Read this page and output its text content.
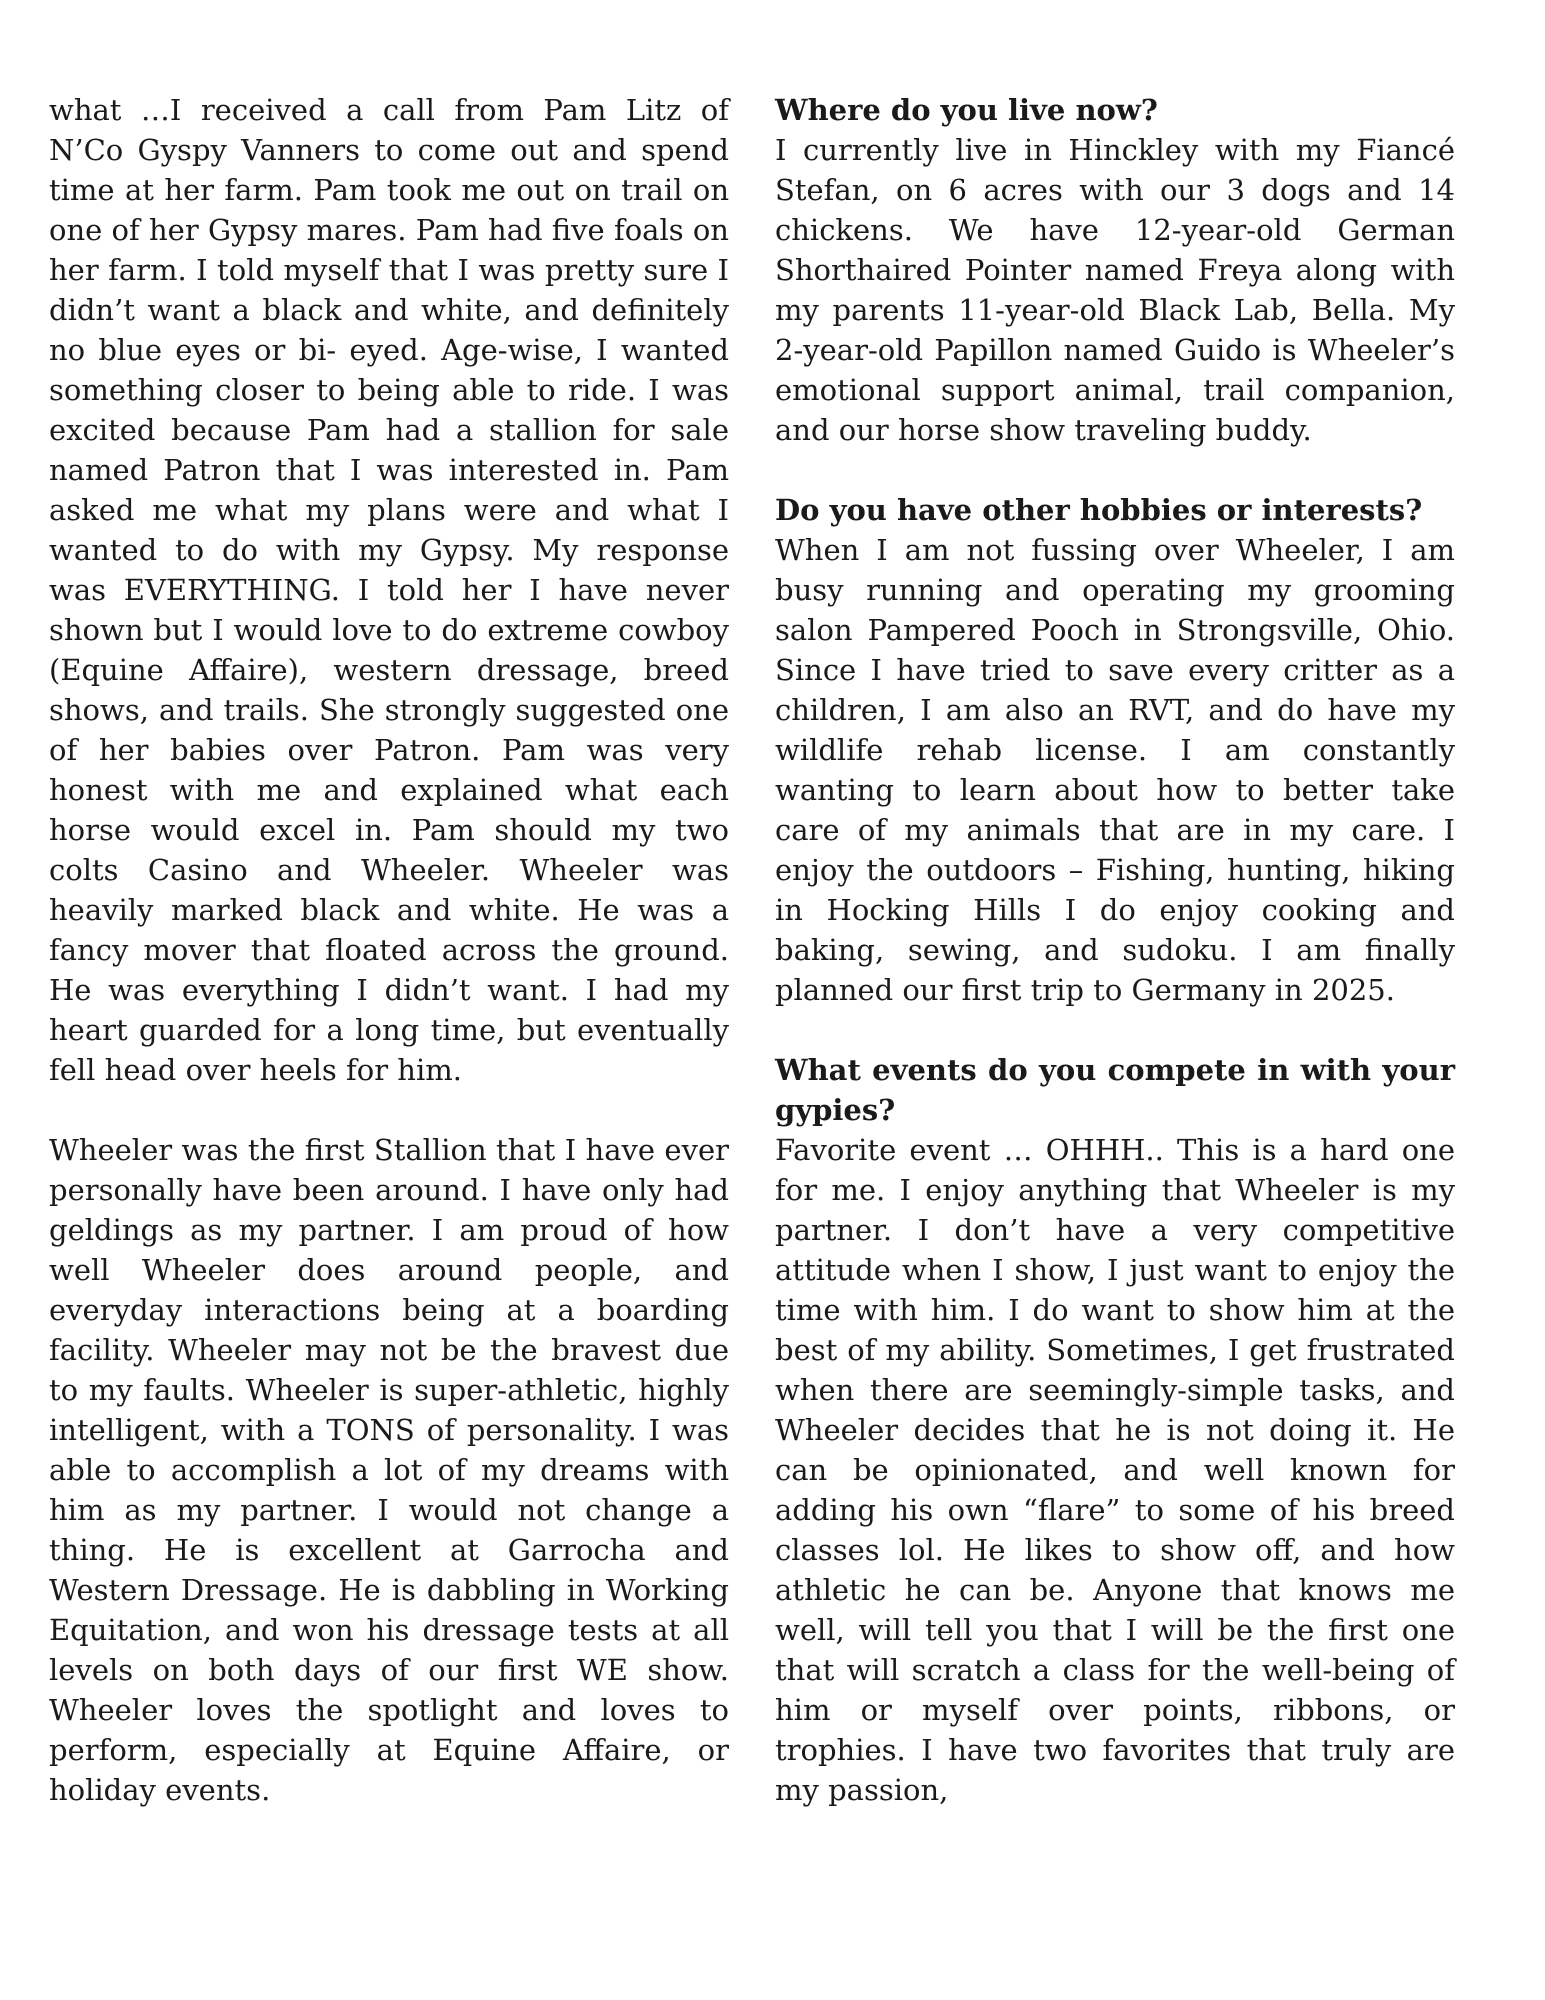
what …I received a call from Pam Litz of N’Co Gyspy Vanners to come out and spend time at her farm. Pam took me out on trail on one of her Gypsy mares. Pam had five foals on her farm. I told myself that I was pretty sure I didn’t want a black and white, and definitely no blue eyes or bi- eyed. Age-wise, I wanted something closer to being able to ride. I was excited because Pam had a stallion for sale named Patron that I was interested in. Pam asked me what my plans were and what I wanted to do with my Gypsy. My response was EVERYTHING. I told her I have never shown but I would love to do extreme cowboy (Equine Affaire), western dressage, breed shows, and trails. She strongly suggested one of her babies over Patron. Pam was very honest with me and explained what each horse would excel in. Pam should my two colts Casino and Wheeler. Wheeler was heavily marked black and white. He was a fancy mover that floated across the ground. He was everything I didn’t want. I had my heart guarded for a long time, but eventually fell head over heels for him.

Wheeler was the first Stallion that I have ever personally have been around. I have only had geldings as my partner. I am proud of how well Wheeler does around people, and everyday interactions being at a boarding facility. Wheeler may not be the bravest due to my faults. Wheeler is super-athletic, highly intelligent, with a TONS of personality. I was able to accomplish a lot of my dreams with him as my partner. I would not change a thing. He is excellent at Garrocha and Western Dressage. He is dabbling in Working Equitation, and won his dressage tests at all levels on both days of our first WE show. Wheeler loves the spotlight and loves to perform, especially at Equine Affaire, or holiday events.

Where do you live now?

I currently live in Hinckley with my Fiancé Stefan, on 6 acres with our 3 dogs and 14 chickens. We have 12-year-old German Shorthaired Pointer named Freya along with my parents 11-year-old Black Lab, Bella. My 2-year-old Papillon named Guido is Wheeler’s emotional support animal, trail companion, and our horse show traveling buddy.

Do you have other hobbies or interests?

When I am not fussing over Wheeler, I am busy running and operating my grooming salon Pampered Pooch in Strongsville, Ohio. Since I have tried to save every critter as a children, I am also an RVT, and do have my wildlife rehab license. I am constantly wanting to learn about how to better take care of my animals that are in my care. I enjoy the outdoors – Fishing, hunting, hiking in Hocking Hills I do enjoy cooking and baking, sewing, and sudoku. I am finally planned our first trip to Germany in 2025.

What events do you compete in with your gypies?

Favorite event … OHHH.. This is a hard one for me. I enjoy anything that Wheeler is my partner. I don’t have a very competitive attitude when I show, I just want to enjoy the time with him. I do want to show him at the best of my ability. Sometimes, I get frustrated when there are seemingly-simple tasks, and Wheeler decides that he is not doing it. He can be opinionated, and well known for adding his own “flare” to some of his breed classes lol. He likes to show off, and how athletic he can be. Anyone that knows me well, will tell you that I will be the first one that will scratch a class for the well-being of him or myself over points, ribbons, or trophies. I have two favorites that truly are my passion,
